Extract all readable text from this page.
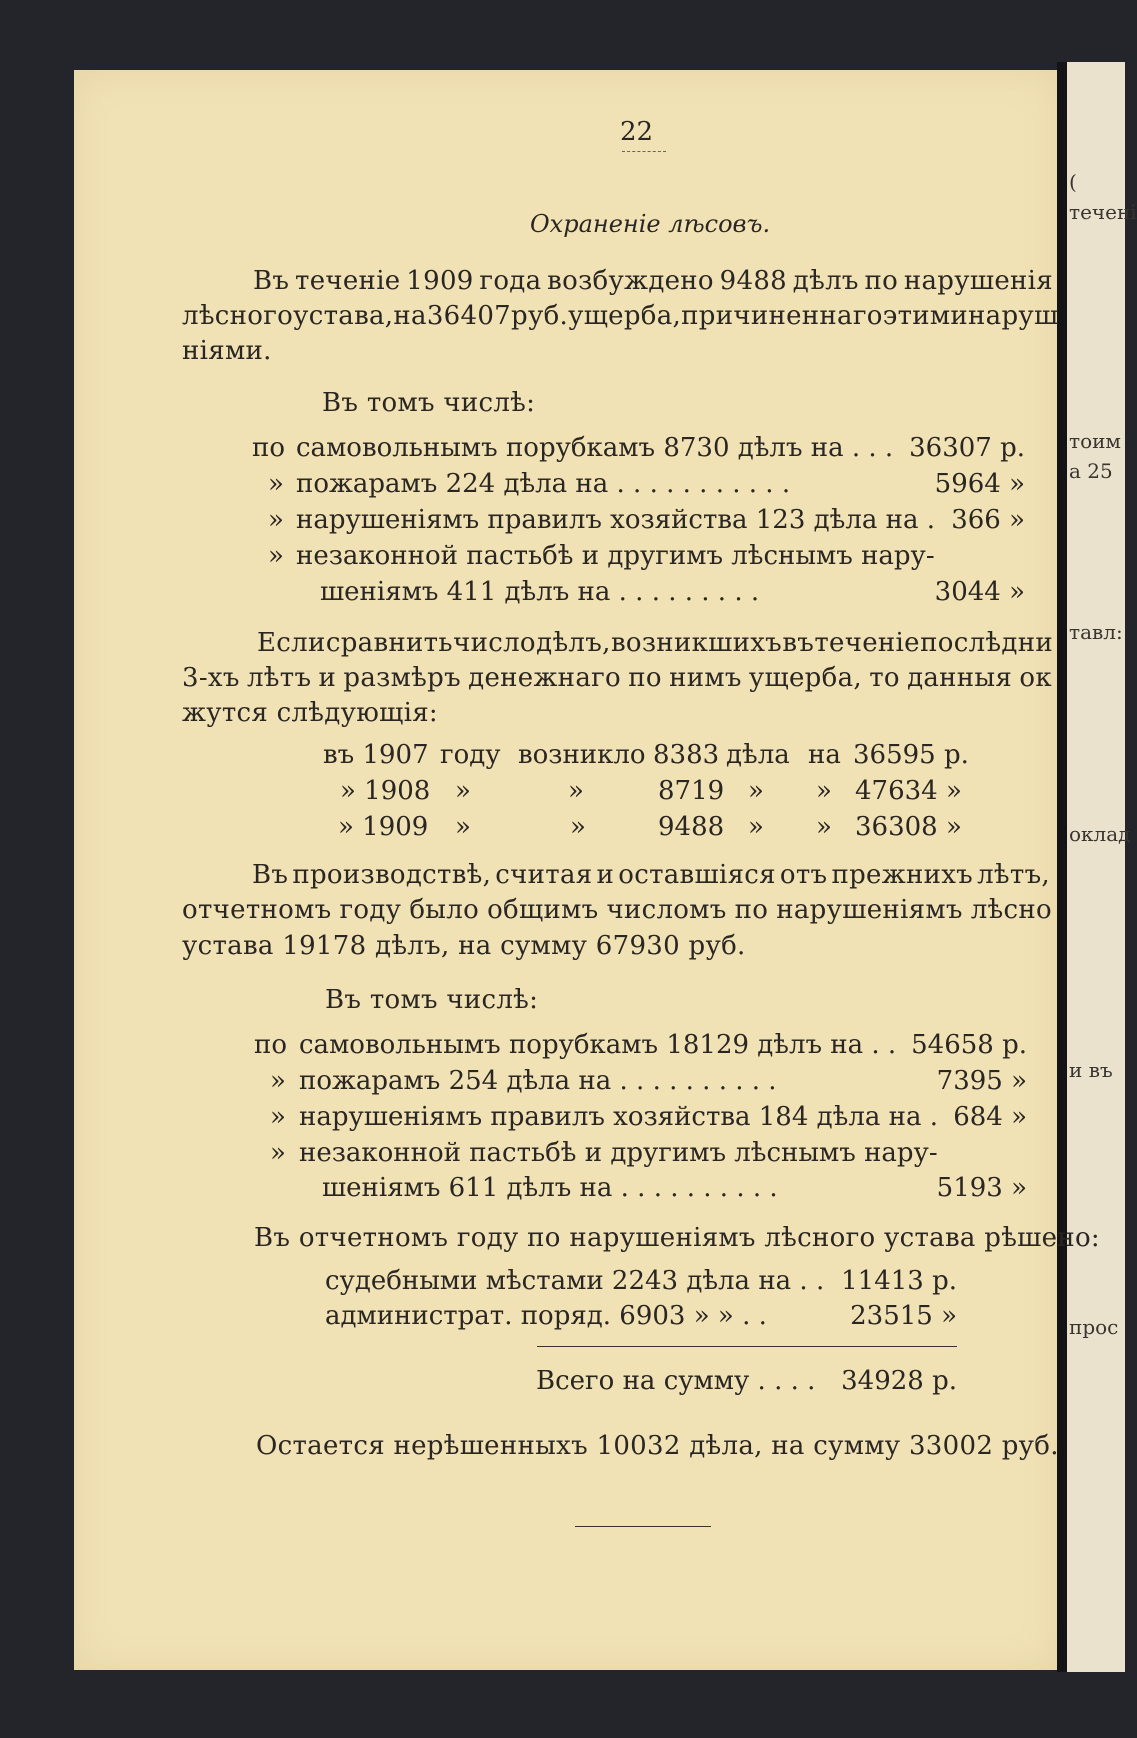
(
теченi
тоим
а 25
тавл:
оклад
и въ
прос
22
Охраненіе лѣсовъ.
Въ теченіе 1909 года возбуждено 9488 дѣлъ по нарушенія
лѣсного устава, на 36407 руб. ущерба, причиненнаго этими наруш
ніями.
Въ томъ числѣ:
по самовольнымъ порубкамъ 8730 дѣлъ на . . . 36307 р.
» пожарамъ 224 дѣла на . . . . . . . . . . .	5964 »
» нарушеніямъ правилъ хозяйства 123 дѣла на . 366 »
» незаконной пастьбѣ и другимъ лѣснымъ нару-
шеніямъ 411 дѣлъ на . . . . . . . . .	3044 »
Если сравнить число дѣлъ, возникшихъ въ теченіе послѣдни
3-хъ лѣтъ и размѣръ денежнаго по нимъ ущерба, то данныя ок
жутся слѣдующія:
въ 1907 году возникло 8383 дѣла на 36595 р.
» 1908 »	»	8719 » » 47634 »
» 1909 »	»	9488 » » 36308 »
Въ производствѣ, считая и оставшіяся отъ прежнихъ лѣтъ,
отчетномъ году было общимъ числомъ по нарушеніямъ лѣсно
устава 19178 дѣлъ, на сумму 67930 руб.
Въ томъ числѣ:
по самовольнымъ порубкамъ 18129 дѣлъ на . . 54658 р.
» пожарамъ 254 дѣла на . . . . . . . . . .	7395 »
» нарушеніямъ правилъ хозяйства 184 дѣла на . 684 »
» незаконной пастьбѣ и другимъ лѣснымъ нару-
шеніямъ 611 дѣлъ на . . . . . . . . . .	5193 »
Въ отчетномъ году по нарушеніямъ лѣсного устава рѣшено:
судебными мѣстами 2243 дѣла на . . 11413 р.
администрат. поряд. 6903 » » . .	23515 »
Всего на сумму . . . . 34928 р.
Остается нерѣшенныхъ 10032 дѣла, на сумму 33002 руб.
